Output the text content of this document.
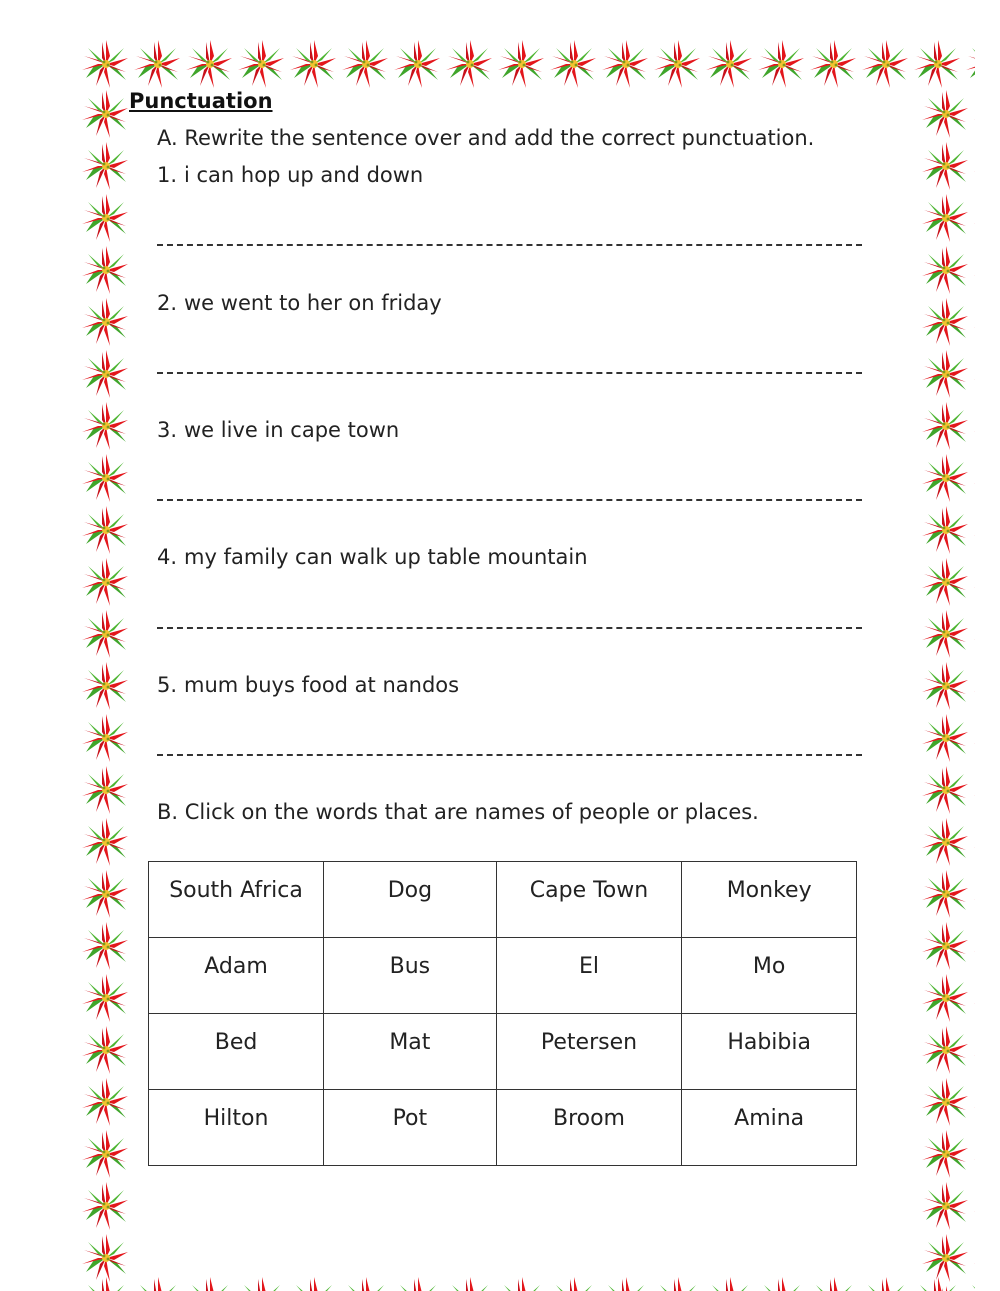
Punctuation
A. Rewrite the sentence over and add the correct punctuation.
1. i can hop up and down
2. we went to her on friday
3. we live in cape town
4. my family can walk up table mountain
5. mum buys food at nandos
B. Click on the words that are names of people or places.
South Africa	Dog	Cape Town	Monkey
Adam	Bus	El	Mo
Bed	Mat	Petersen	Habibia
Hilton	Pot	Broom	Amina
